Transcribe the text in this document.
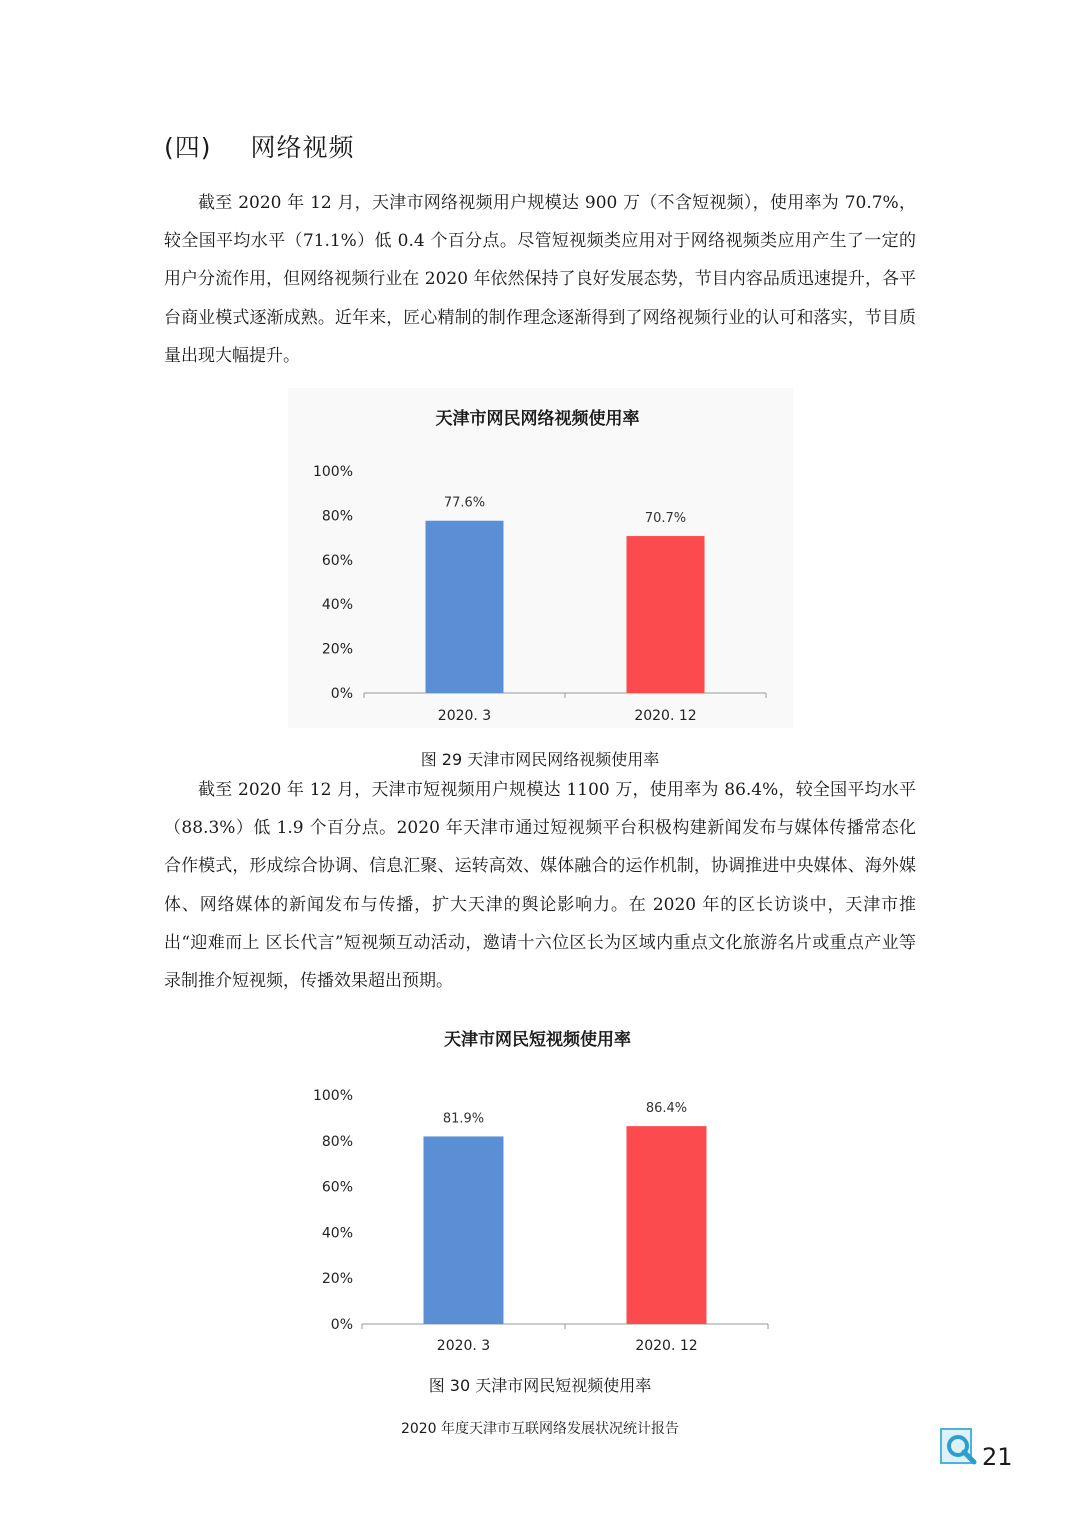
(四) 网络视频

截至 2020 年 12 月，天津市网络视频用户规模达 900 万（不含短视频），使用率为 70.7%，较全国平均水平（71.1%）低 0.4 个百分点。尽管短视频类应用对于网络视频类应用产生了一定的用户分流作用，但网络视频行业在 2020 年依然保持了良好发展态势，节目内容品质迅速提升，各平台商业模式逐渐成熟。近年来，匠心精制的制作理念逐渐得到了网络视频行业的认可和落实，节目质量出现大幅提升。

天津市网民网络视频使用率
0%
20%
40%
60%
80%
100%
77.6%
2020. 3
70.7%
2020. 12
图 29 天津市网民网络视频使用率

截至 2020 年 12 月，天津市短视频用户规模达 1100 万，使用率为 86.4%，较全国平均水平（88.3%）低 1.9 个百分点。2020 年天津市通过短视频平台积极构建新闻发布与媒体传播常态化合作模式，形成综合协调、信息汇聚、运转高效、媒体融合的运作机制，协调推进中央媒体、海外媒体、网络媒体的新闻发布与传播，扩大天津的舆论影响力。在 2020 年的区长访谈中，天津市推出“迎难而上 区长代言”短视频互动活动，邀请十六位区长为区域内重点文化旅游名片或重点产业等录制推介短视频，传播效果超出预期。

天津市网民短视频使用率
0%
20%
40%
60%
80%
100%
81.9%
2020. 3
86.4%
2020. 12
图 30 天津市网民短视频使用率
2020 年度天津市互联网络发展状况统计报告
21
